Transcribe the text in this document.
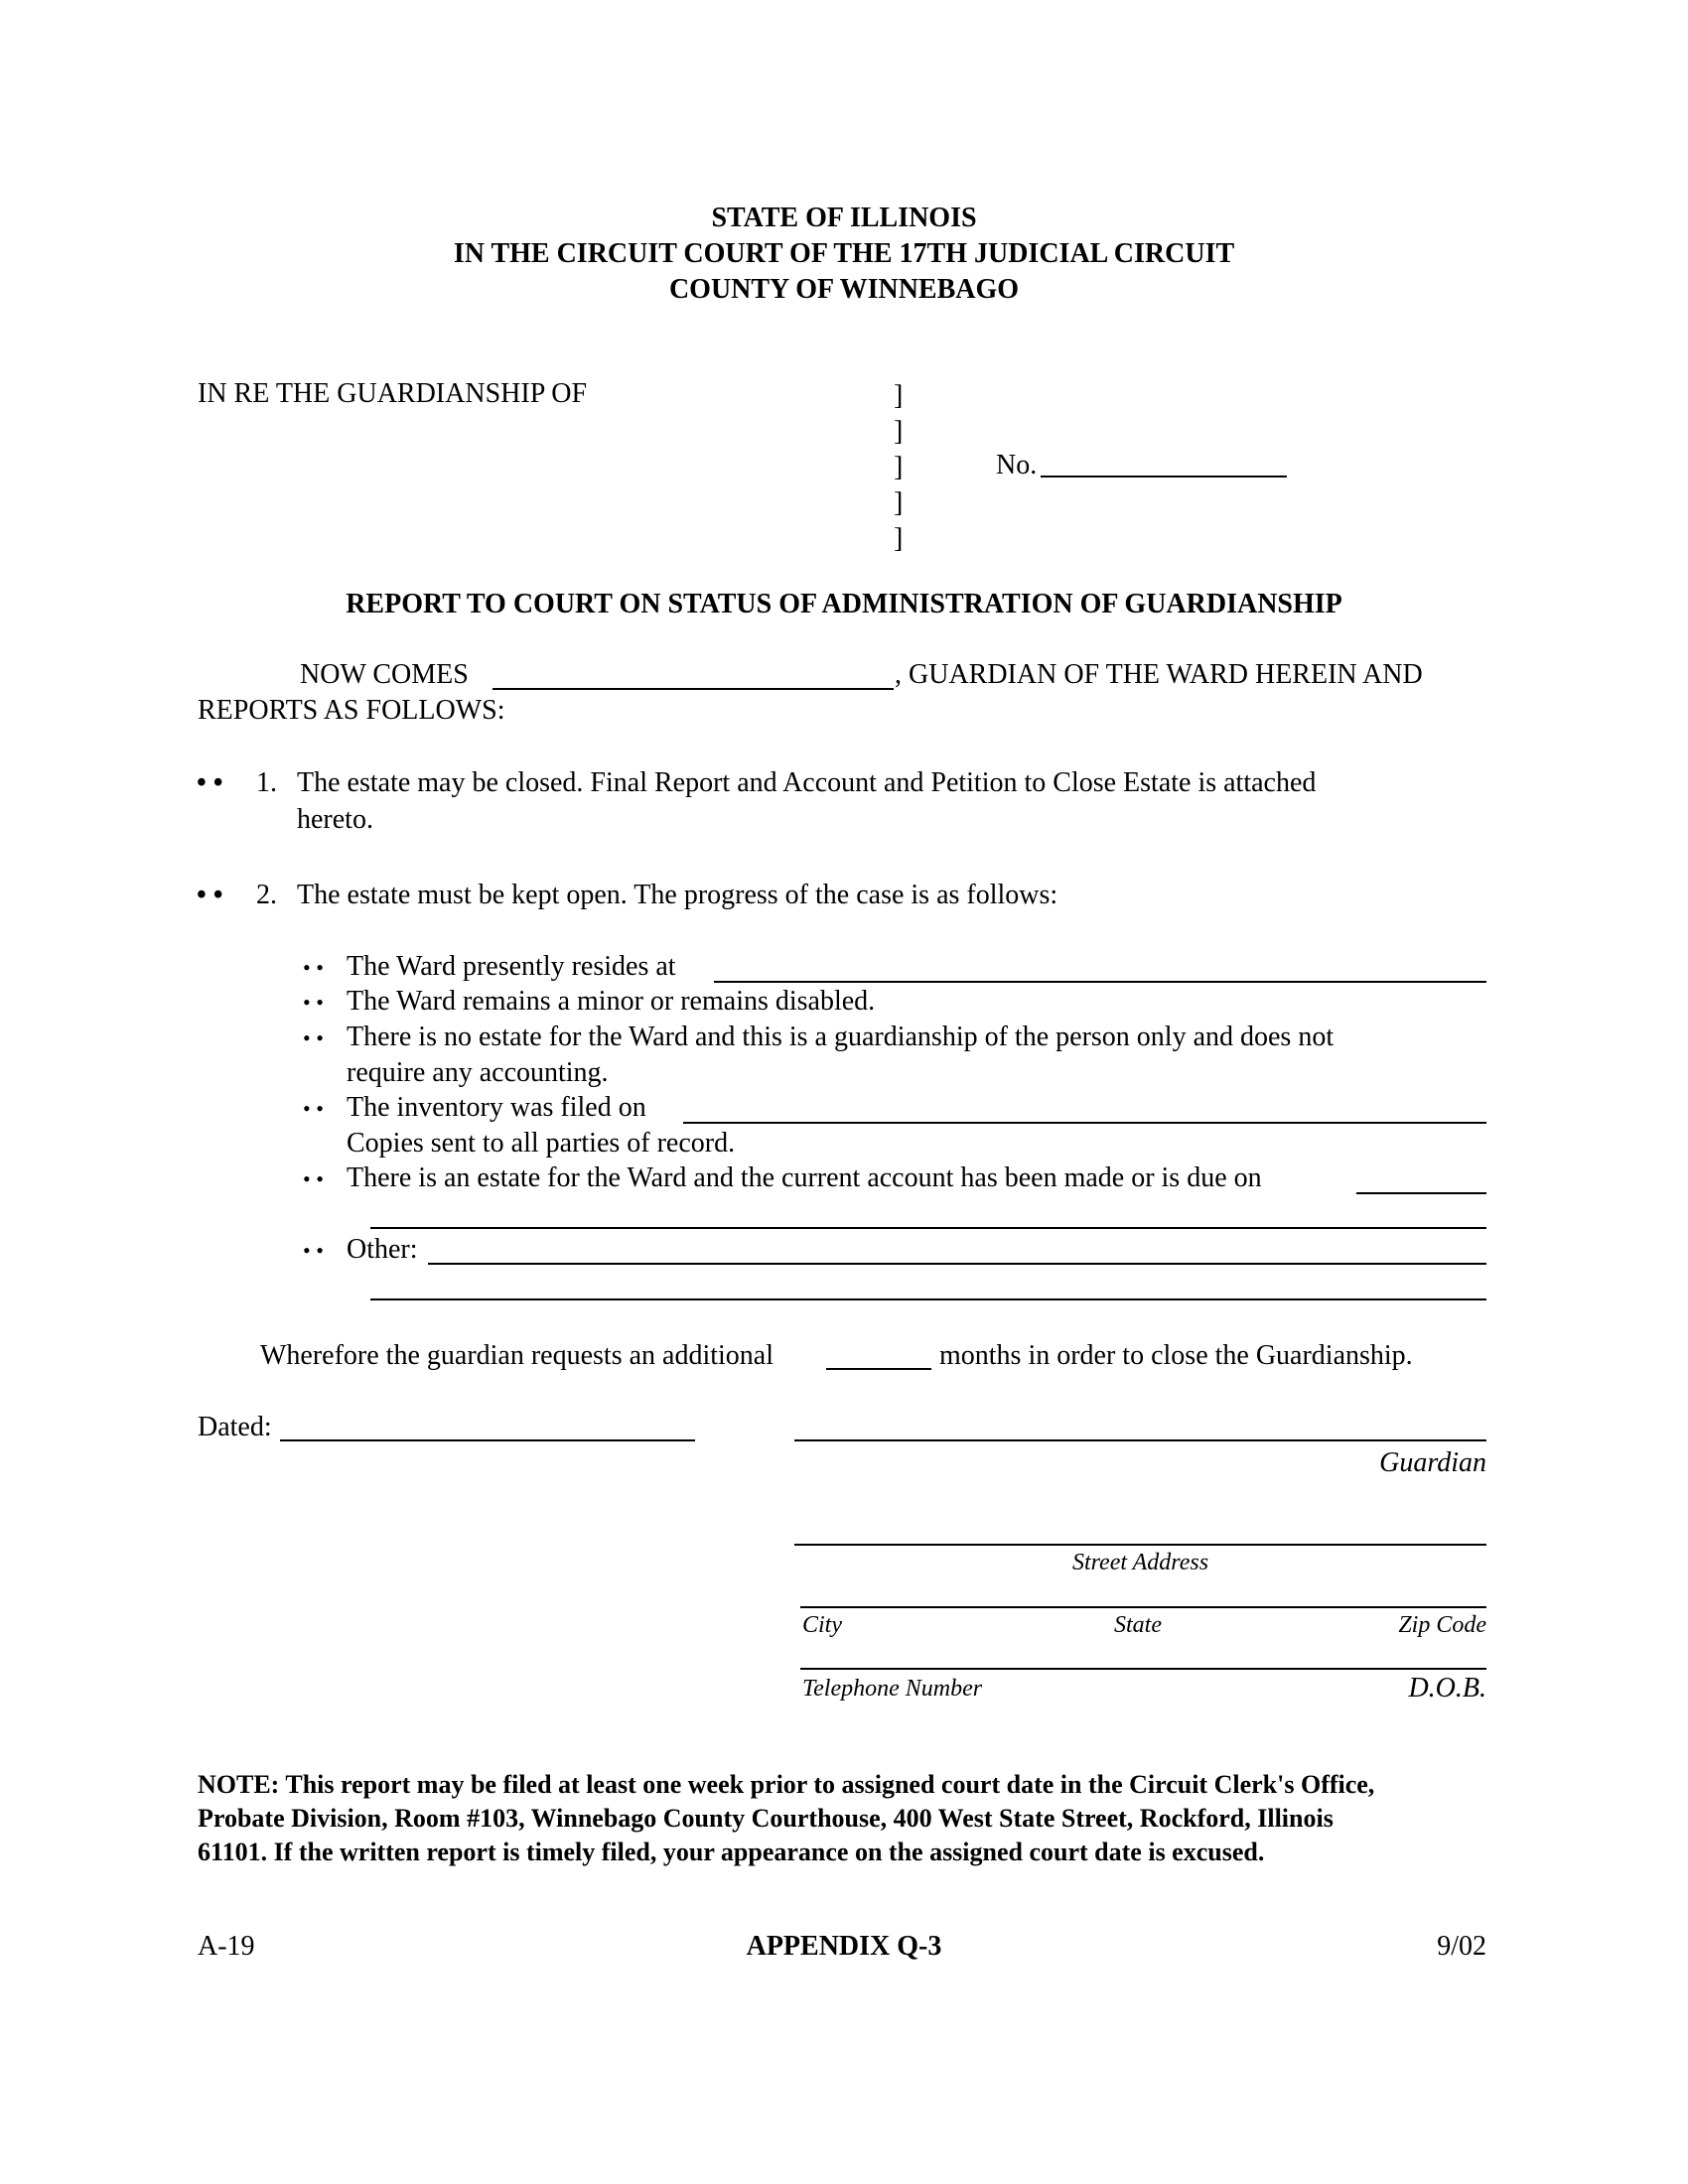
STATE OF ILLINOIS
IN THE CIRCUIT COURT OF THE 17TH JUDICIAL CIRCUIT
COUNTY OF WINNEBAGO
IN RE THE GUARDIANSHIP OF	]
]
]
]
]
No.
REPORT TO COURT ON STATUS OF ADMINISTRATION OF GUARDIANSHIP
NOW COMES	, GUARDIAN OF THE WARD HEREIN AND
REPORTS AS FOLLOWS:
• • 1. The estate may be closed. Final Report and Account and Petition to Close Estate is attached
hereto.
• • 2. The estate must be kept open. The progress of the case is as follows:
• • The Ward presently resides at
• • The Ward remains a minor or remains disabled.
• • There is no estate for the Ward and this is a guardianship of the person only and does not
require any accounting.
• • The inventory was filed on
Copies sent to all parties of record.
• • There is an estate for the Ward and the current account has been made or is due on
• • Other:
Wherefore the guardian requests an additional	months in order to close the Guardianship.
Dated:
Guardian
Street Address
City	State	Zip Code
Telephone Number	D.O.B.
NOTE: This report may be filed at least one week prior to assigned court date in the Circuit Clerk's Office,
Probate Division, Room #103, Winnebago County Courthouse, 400 West State Street, Rockford, Illinois
61101. If the written report is timely filed, your appearance on the assigned court date is excused.
A-19	APPENDIX Q-3	9/02
